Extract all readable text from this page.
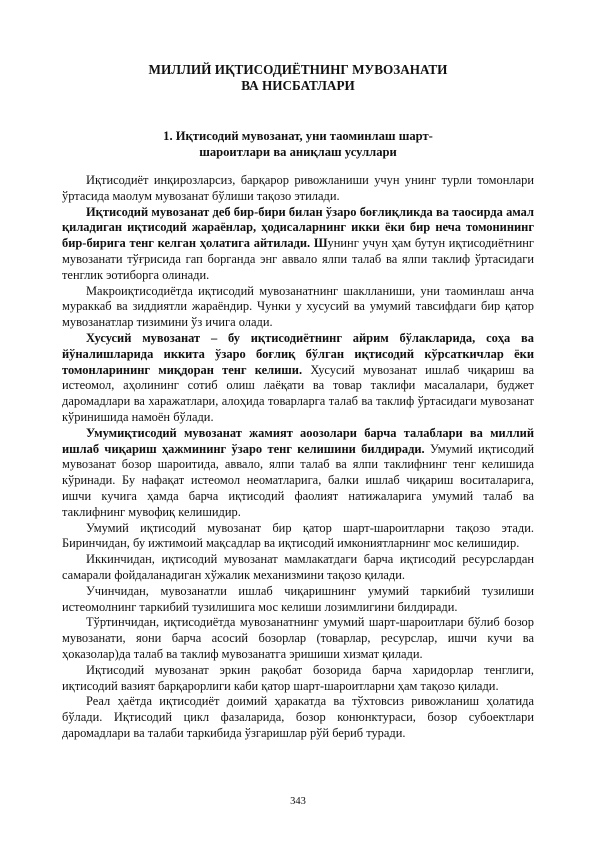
МИЛЛИЙ ИҚТИСОДИЁТНИНГ МУВОЗАНАТИ
ВА НИСБАТЛАРИ
1. Иқтисодий мувозанат, уни таоминлаш шарт-
шароитлари ва аниқлаш усуллари

Иқтисодиёт инқирозларсиз, барқарор ривожланиши учун унинг турли томонлари ўртасида маолум мувозанат бўлиши тақозо этилади.

Иқтисодий мувозанат деб бир-бири билан ўзаро боғлиқликда ва таосирда амал қиладиган иқтисодий жараёнлар, ҳодисаларнинг икки ёки бир неча томонининг бир-бирига тенг келган ҳолатига айтилади. Шунинг учун ҳам бутун иқтисодиётнинг мувозанати тўғрисида гап борганда энг аввало ялпи талаб ва ялпи таклиф ўртасидаги тенглик эотиборга олинади.

Макроиқтисодиётда иқтисодий мувозанатнинг шаклланиши, уни таоминлаш анча мураккаб ва зиддиятли жараёндир. Чунки у хусусий ва умумий тавсифдаги бир қатор мувозанатлар тизимини ўз ичига олади.

Хусусий мувозанат – бу иқтисодиётнинг айрим бўлакларида, соҳа ва йўналишларида иккита ўзаро боғлиқ бўлган иқтисодий кўрсаткичлар ёки томонларининг миқдоран тенг келиши. Хусусий мувозанат ишлаб чиқариш ва истеомол, аҳолининг сотиб олиш лаёқати ва товар таклифи масалалари, буджет даромадлари ва харажатлари, алоҳида товарларга талаб ва таклиф ўртасидаги мувозанат кўринишида намоён бўлади.

Умумиқтисодий мувозанат жамият аоозолари барча талаблари ва миллий ишлаб чиқариш ҳажмининг ўзаро тенг келишини билдиради. Умумий иқтисодий мувозанат бозор шароитида, аввало, ялпи талаб ва ялпи таклифнинг тенг келишида кўринади. Бу нафақат истеомол неоматларига, балки ишлаб чиқариш воситаларига, ишчи кучига ҳамда барча иқтисодий фаолият натижаларига умумий талаб ва таклифнинг мувофиқ келишидир.

Умумий иқтисодий мувозанат бир қатор шарт-шароитларни тақозо этади. Биринчидан, бу ижтимоий мақсадлар ва иқтисодий имкониятларнинг мос келишидир.

Иккинчидан, иқтисодий мувозанат мамлакатдаги барча иқтисодий ресурслардан самарали фойдаланадиган хўжалик механизмини тақозо қилади.

Учинчидан, мувозанатли ишлаб чиқаришнинг умумий таркибий тузилиши истеомолнинг таркибий тузилишига мос келиши лозимлигини билдиради.

Тўртинчидан, иқтисодиётда мувозанатнинг умумий шарт-шароитлари бўлиб бозор мувозанати, яони барча асосий бозорлар (товарлар, ресурслар, ишчи кучи ва ҳоказолар)да талаб ва таклиф мувозанатга эришиши хизмат қилади.

Иқтисодий мувозанат эркин рақобат бозорида барча харидорлар тенглиги, иқтисодий вазият барқарорлиги каби қатор шарт-шароитларни ҳам тақозо қилади.

Реал ҳаётда иқтисодиёт доимий ҳаракатда ва тўхтовсиз ривожланиш ҳолатида бўлади. Иқтисодий цикл фазаларида, бозор конюнктураси, бозор субоектлари даромадлари ва талаби таркибида ўзгаришлар рўй бериб туради.

343
